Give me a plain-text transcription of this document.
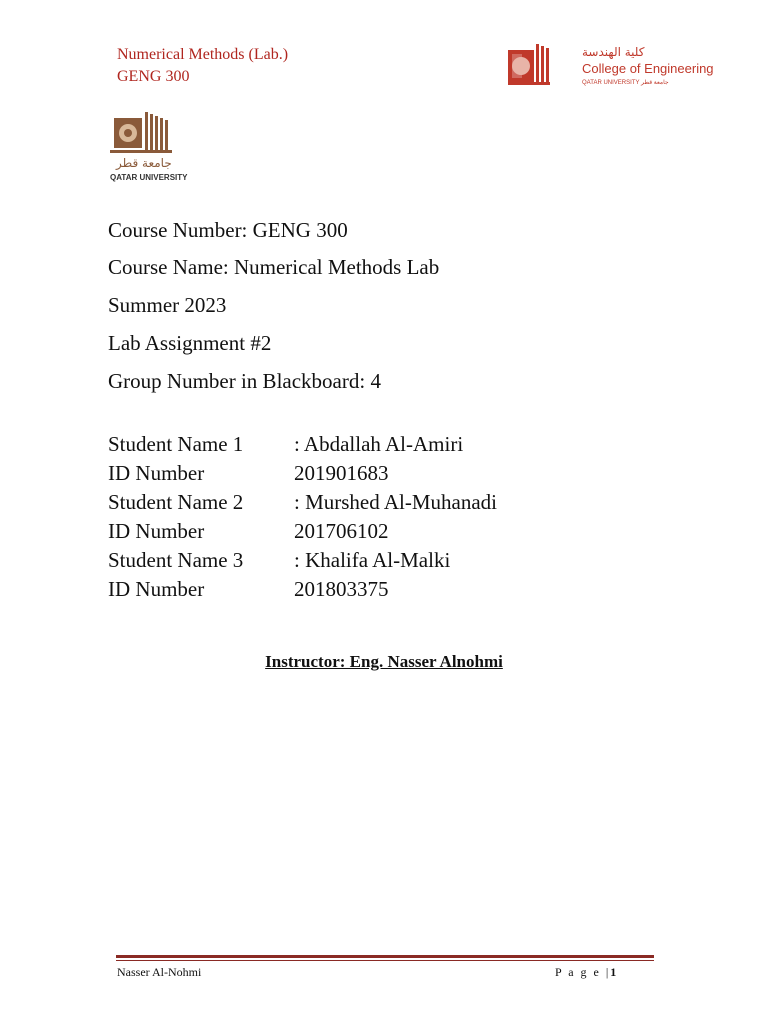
Numerical Methods (Lab.)
GENG 300
كلية الهندسة
College of Engineering
QATAR UNIVERSITY جامعة قطر
جامعة قطر
QATAR UNIVERSITY
Course Number: GENG 300
Course Name: Numerical Methods Lab
Summer 2023
Lab Assignment #2
Group Number in Blackboard: 4
Student Name 1 : Abdallah Al-Amiri
ID Number	201901683
Student Name 2 : Murshed Al-Muhanadi
ID Number	201706102
Student Name 3 : Khalifa Al-Malki
ID Number	201803375
Instructor: Eng. Nasser Alnohmi
Nasser Al-Nohmi	P a g e |1
